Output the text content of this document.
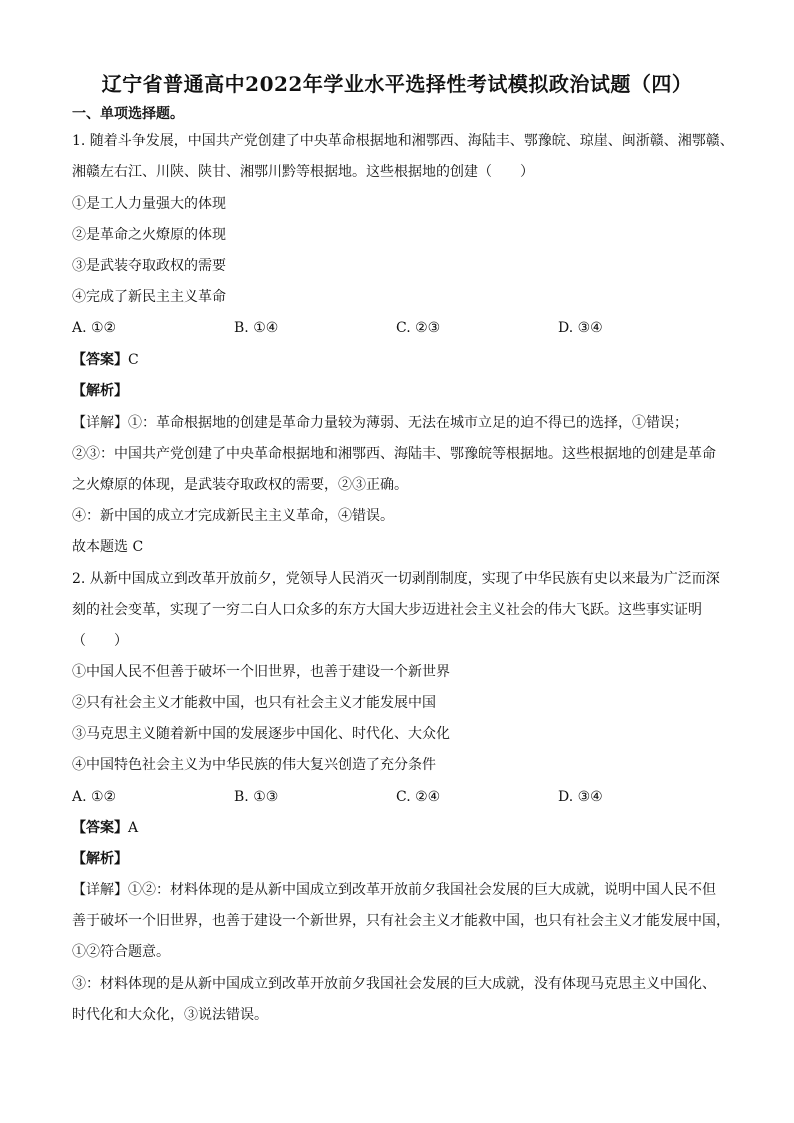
辽宁省普通高中2022年学业水平选择性考试模拟政治试题（四）
一、单项选择题。
1. 随着斗争发展，中国共产党创建了中央革命根据地和湘鄂西、海陆丰、鄂豫皖、琼崖、闽浙赣、湘鄂赣、
湘赣左右江、川陕、陕甘、湘鄂川黔等根据地。这些根据地的创建（　　）
①是工人力量强大的体现
②是革命之火燎原的体现
③是武装夺取政权的需要
④完成了新民主主义革命
A. ①②	B. ①④	C. ②③	D. ③④
【答案】C
【解析】
【详解】①：革命根据地的创建是革命力量较为薄弱、无法在城市立足的迫不得已的选择，①错误；
②③：中国共产党创建了中央革命根据地和湘鄂西、海陆丰、鄂豫皖等根据地。这些根据地的创建是革命
之火燎原的体现，是武装夺取政权的需要，②③正确。
④：新中国的成立才完成新民主主义革命，④错误。
故本题选 C
2. 从新中国成立到改革开放前夕，党领导人民消灭一切剥削制度，实现了中华民族有史以来最为广泛而深
刻的社会变革，实现了一穷二白人口众多的东方大国大步迈进社会主义社会的伟大飞跃。这些事实证明
（　　）
①中国人民不但善于破坏一个旧世界，也善于建设一个新世界
②只有社会主义才能救中国，也只有社会主义才能发展中国
③马克思主义随着新中国的发展逐步中国化、时代化、大众化
④中国特色社会主义为中华民族的伟大复兴创造了充分条件
A. ①②	B. ①③	C. ②④	D. ③④
【答案】A
【解析】
【详解】①②：材料体现的是从新中国成立到改革开放前夕我国社会发展的巨大成就，说明中国人民不但
善于破坏一个旧世界，也善于建设一个新世界，只有社会主义才能救中国，也只有社会主义才能发展中国，
①②符合题意。
③：材料体现的是从新中国成立到改革开放前夕我国社会发展的巨大成就，没有体现马克思主义中国化、
时代化和大众化，③说法错误。
